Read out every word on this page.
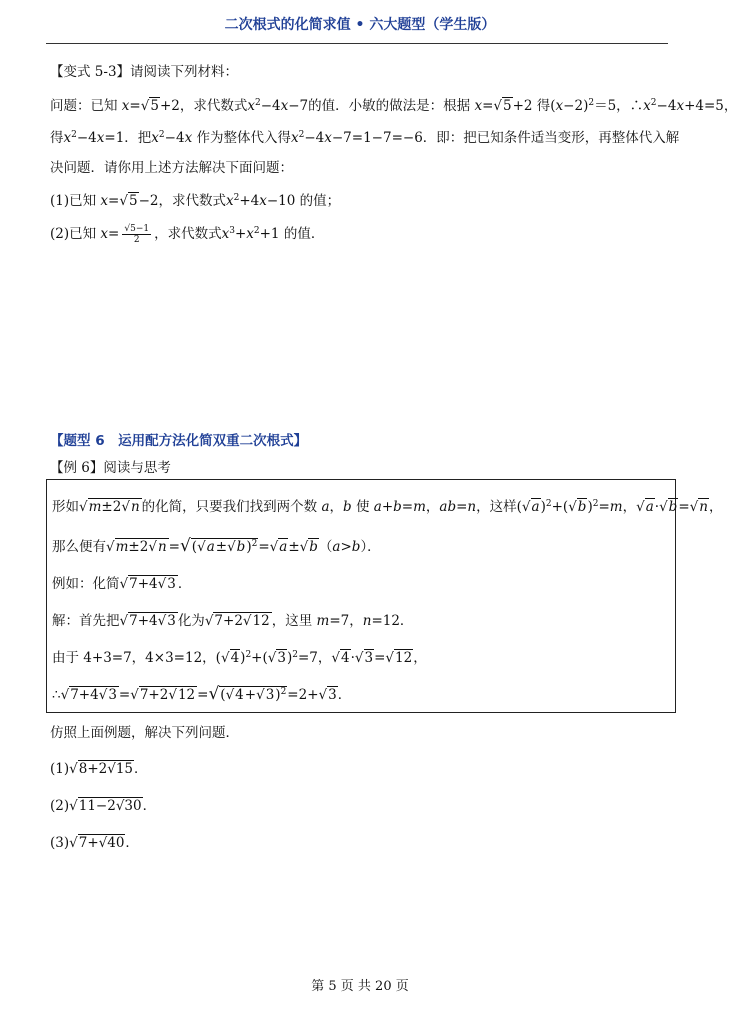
二次根式的化简求值 • 六大题型（学生版）
【变式 5-3】请阅读下列材料：
问题：已知 x=√5+2，求代数式$x^2-4x-7$的值．小敏的做法是：根据 x=√5+2 得$(x-2)^2=5$，$\therefore x^2-4x+4=5$，
得$x^2-4x=1$．把$x^2-4x$ 作为整体代入得$x^2-4x-7=1-7=-6$．即：把已知条件适当变形，再整体代入解
决问题．请你用上述方法解决下面问题：
(1)已知 x=√5−2，求代数式$x^2+4x-10$ 的值；
(2)已知 $x= \frac{√5-1}{2}$ ，求代数式$x^3+x^2+1$ 的值．
【题型 6　运用配方法化简双重二次根式】
【例 6】阅读与思考
形如√m±2√n 的化简，只要我们找到两个数 a，b 使 a+b=m，ab=n，这样$(√a)^2+(√b)^2=m$，√a·√b=√n，
那么便有$√m\pm 2√n =√(√a\pm√b)^2=√a\pm√b(a>b)$．
例如：化简√7+4√3 ．
解：首先把√7+4√3 化为√7+2√12 ，这里 m=7，n=12．
由于 4+3=7，4×3=12，$(√4)^2+(√3)^2=7$，√4·√3=√12，
∴√7+4√3 $=√7+2√12 =√(√4+√3)^2=2+√3$．
仿照上面例题，解决下列问题．
(1)√8+2√15．
(2)√11−2√30．
(3)√7+√40．
第 5 页 共 20 页
